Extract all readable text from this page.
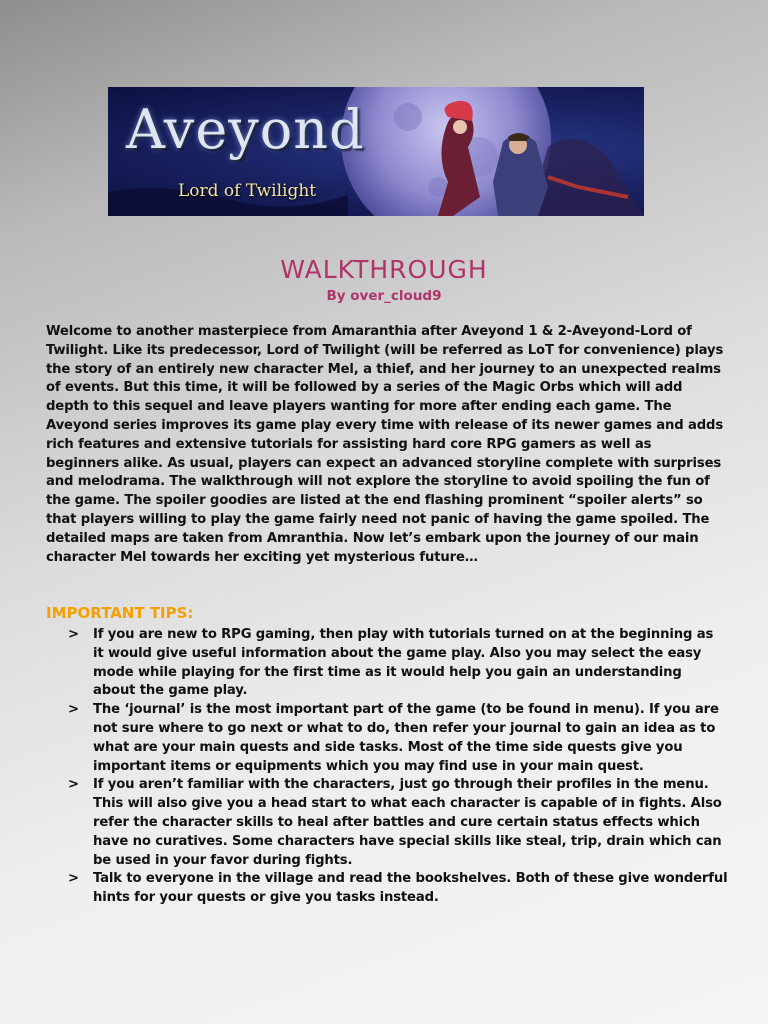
Aveyond
Lord of Twilight
WALKTHROUGH

By over_cloud9

Welcome to another masterpiece from Amaranthia after Aveyond 1 & 2-Aveyond-Lord of Twilight. Like its predecessor, Lord of Twilight (will be referred as LoT for convenience) plays the story of an entirely new character Mel, a thief, and her journey to an unexpected realms of events. But this time, it will be followed by a series of the Magic Orbs which will add depth to this sequel and leave players wanting for more after ending each game. The Aveyond series improves its game play every time with release of its newer games and adds rich features and extensive tutorials for assisting hard core RPG gamers as well as beginners alike. As usual, players can expect an advanced storyline complete with surprises and melodrama. The walkthrough will not explore the storyline to avoid spoiling the fun of the game. The spoiler goodies are listed at the end flashing prominent “spoiler alerts” so that players willing to play the game fairly need not panic of having the game spoiled. The detailed maps are taken from Amranthia. Now let’s embark upon the journey of our main character Mel towards her exciting yet mysterious future…

IMPORTANT TIPS:
> If you are new to RPG gaming, then play with tutorials turned on at the beginning as it would give useful information about the game play. Also you may select the easy mode while playing for the first time as it would help you gain an understanding about the game play.
> The ‘journal’ is the most important part of the game (to be found in menu). If you are not sure where to go next or what to do, then refer your journal to gain an idea as to what are your main quests and side tasks. Most of the time side quests give you important items or equipments which you may find use in your main quest.
> If you aren’t familiar with the characters, just go through their profiles in the menu. This will also give you a head start to what each character is capable of in fights. Also refer the character skills to heal after battles and cure certain status effects which have no curatives. Some characters have special skills like steal, trip, drain which can be used in your favor during fights.
> Talk to everyone in the village and read the bookshelves. Both of these give wonderful hints for your quests or give you tasks instead.
